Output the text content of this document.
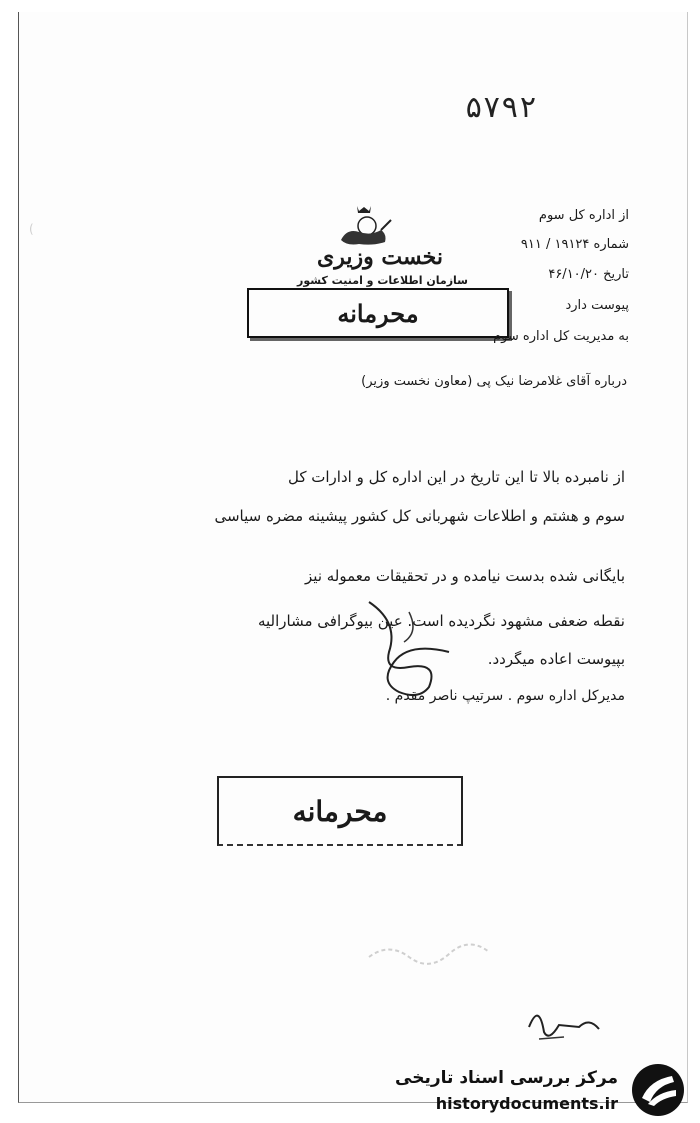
(
۵۷۹۲
نخست وزیری
سازمان اطلاعات و امنیت کشور
محرمانه
از اداره کل سوم
شماره ۱۹۱۲۴ / ۹۱۱
تاریخ ۴۶/۱۰/۲۰
پیوست دارد
به مدیریت کل اداره سوم
درباره آقای غلامرضا نیک پی (معاون نخست وزیر)
از نامبرده بالا تا این تاریخ در این اداره کل و ادارات کل
سوم و هشتم و اطلاعات شهربانی کل کشور پیشینه مضره سیاسی
بایگانی شده بدست نیامده و در تحقیقات معموله نیز
نقطه ضعفی مشهود نگردیده است. عین بیوگرافی مشارالیه
بپیوست اعاده میگردد.
مدیرکل اداره سوم . سرتیپ ناصر مقدم .
محرمانه
مرکز بررسی اسناد تاریخی
historydocuments.ir
